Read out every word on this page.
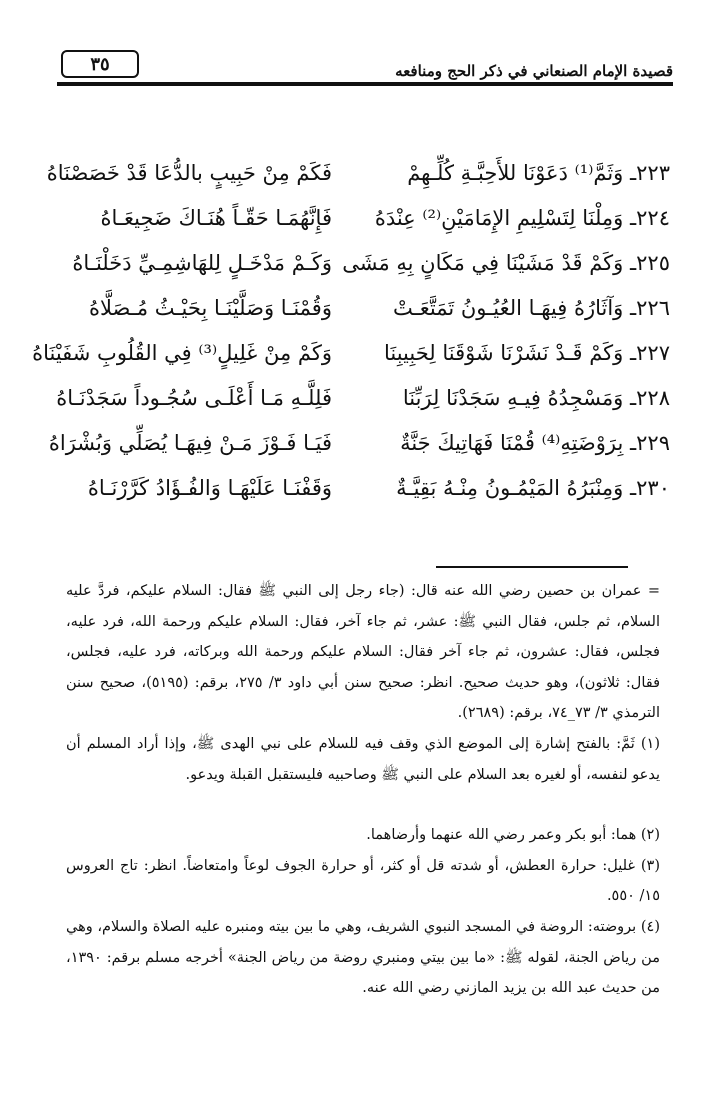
قصيدة الإمام الصنعاني في ذكر الحج ومنافعه
٣٥
٢٢٣ـ وَثَمَّ⁽¹⁾ دَعَوْنَا للأَحِبَّـةِ كُلِّـهِمْ
فَكَمْ مِنْ حَبِيبٍ بالدُّعَا قَدْ خَصَصْنَاهُ
٢٢٤ـ وَمِلْنَا لِتَسْلِيمِ الإِمَامَيْنِ⁽²⁾ عِنْدَهُ
فَإِنَّهُمَـا حَقّـاً هُنَـاكَ ضَجِيعَـاهُ
٢٢٥ـ وَكَمْ قَدْ مَشَيْنَا فِي مَكَانٍ بِهِ مَشَى
وَكَـمْ مَدْخَـلٍ لِلهَاشِمِـيِّ دَخَلْنَـاهُ
٢٢٦ـ وَآثَارُهُ فِيهَـا العُيُـونُ تَمَتَّعَـتْ
وَقُمْنَـا وَصَلَّيْنَـا بِحَيْـثُ مُـصَلَّاهُ
٢٢٧ـ وَكَمْ قَـدْ نَشَرْنَا شَوْقَنَا لِحَبِيبِنَا
وَكَمْ مِنْ غَلِيلٍ⁽³⁾ فِي القُلُوبِ شَفَيْنَاهُ
٢٢٨ـ وَمَسْجِدُهُ فِيـهِ سَجَدْنَا لِرَبِّنَا
فَلِلَّـهِ مَـا أَعْلَـى سُجُـوداً سَجَدْنَـاهُ
٢٢٩ـ بِرَوْضَتِهِ⁽⁴⁾ قُمْنَا فَهَاتِيكَ جَنَّةٌ
فَيَـا فَـوْزَ مَـنْ فِيهَـا يُصَلِّي وَبُشْرَاهُ
٢٣٠ـ وَمِنْبَرُهُ المَيْمُـونُ مِنْـهُ بَقِيَّـةٌ
وَقَفْنَـا عَلَيْهَـا وَالفُـؤَادُ كَرَّرْنَـاهُ

= عمران بن حصين رضي الله عنه قال: (جاء رجل إلى النبي ﷺ فقال: السلام عليكم، فردَّ عليه السلام، ثم جلس، فقال النبي ﷺ: عشر، ثم جاء آخر، فقال: السلام عليكم ورحمة الله، فرد عليه، فجلس، فقال: عشرون، ثم جاء آخر فقال: السلام عليكم ورحمة الله وبركاته، فرد عليه، فجلس، فقال: ثلاثون)، وهو حديث صحيح. انظر: صحيح سنن أبي داود ٣/ ٢٧٥، برقم: (٥١٩٥)، صحيح سنن الترمذي ٣/ ٧٣_٧٤، برقم: (٢٦٨٩).

(١) ثَمَّ: بالفتح إشارة إلى الموضع الذي وقف فيه للسلام على نبي الهدى ﷺ، وإذا أراد المسلم أن يدعو لنفسه، أو لغيره بعد السلام على النبي ﷺ وصاحبيه فليستقبل القبلة ويدعو.

(٢) هما: أبو بكر وعمر رضي الله عنهما وأرضاهما.

(٣) غليل: حرارة العطش، أو شدته قل أو كثر، أو حرارة الجوف لوعاً وامتعاضاً. انظر: تاج العروس ١٥/ ٥٥٠.

(٤) بروضته: الروضة في المسجد النبوي الشريف، وهي ما بين بيته ومنبره عليه الصلاة والسلام، وهي من رياض الجنة، لقوله ﷺ: «ما بين بيتي ومنبري روضة من رياض الجنة» أخرجه مسلم برقم: ١٣٩٠، من حديث عبد الله بن يزيد المازني رضي الله عنه.
